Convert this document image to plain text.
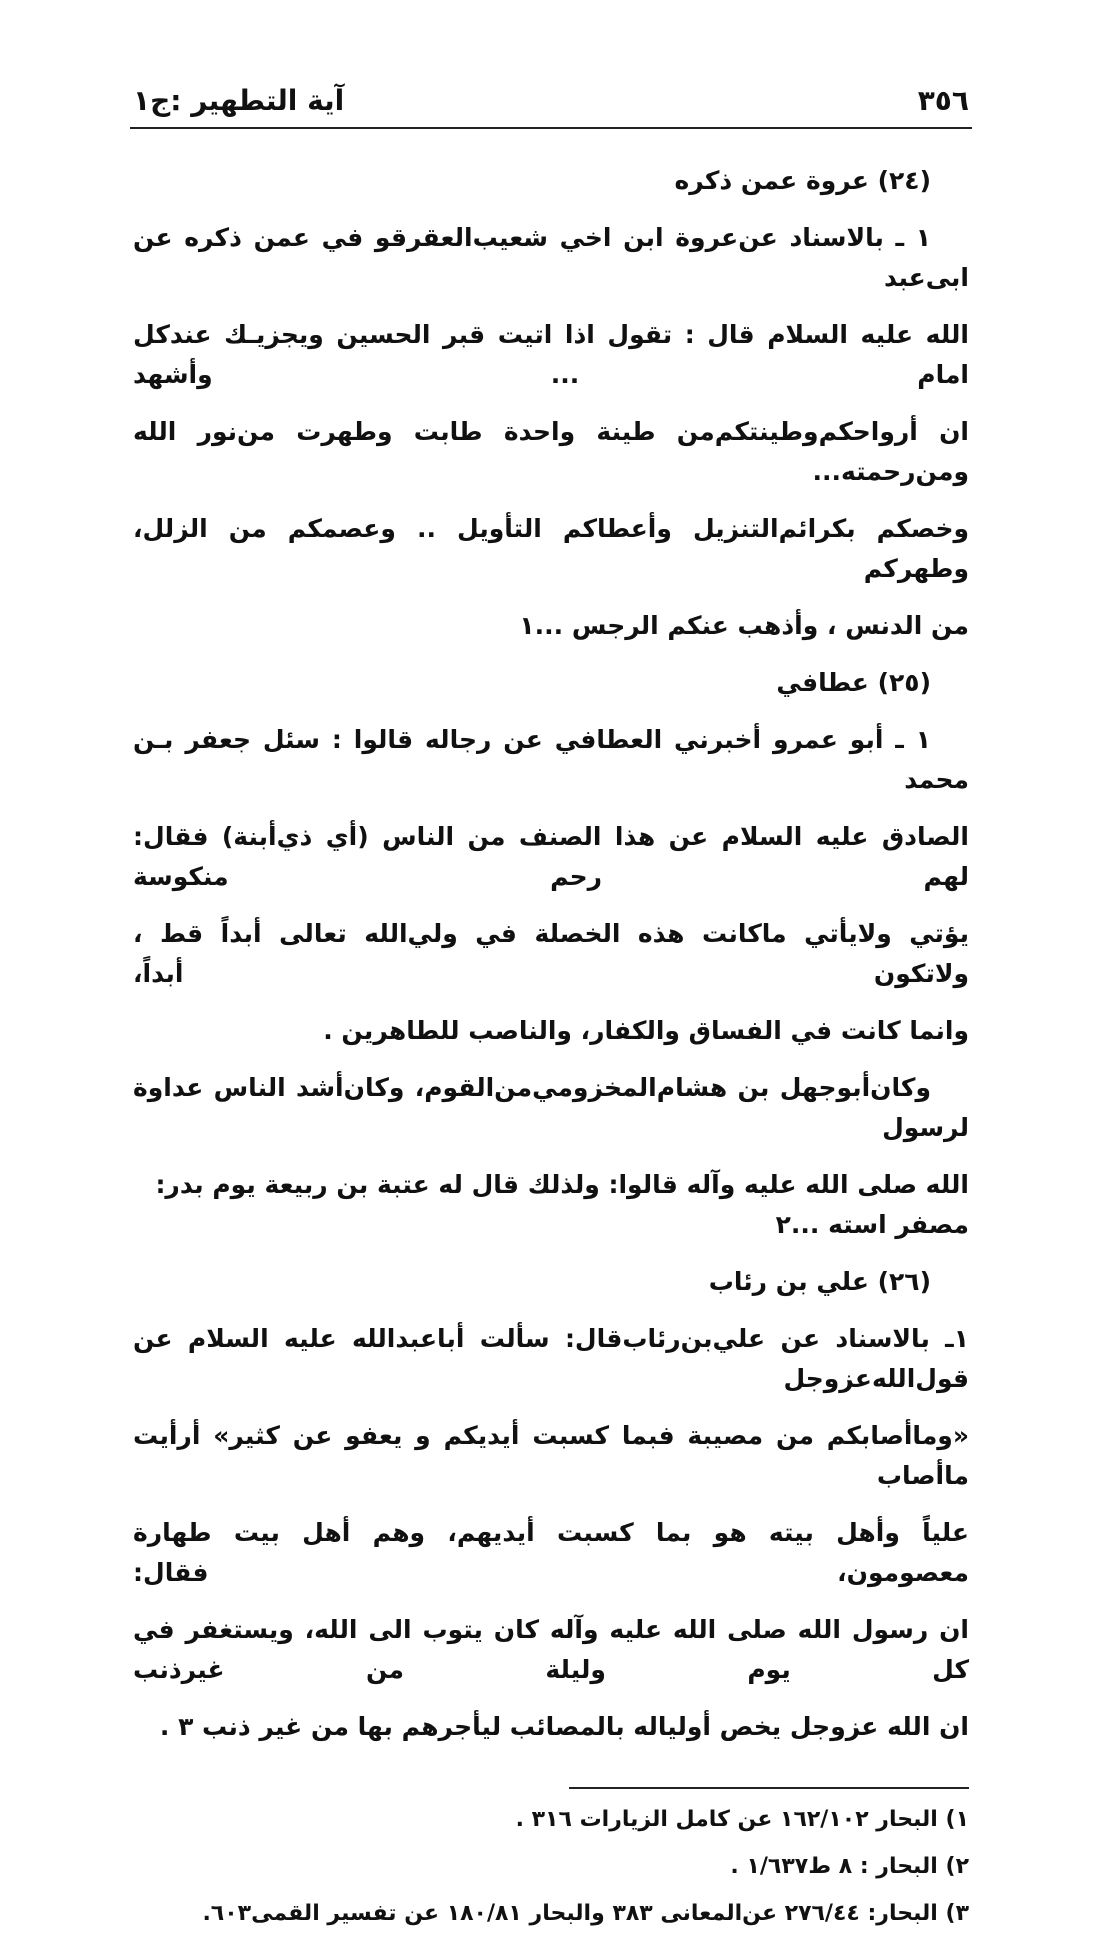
آية التطهير :ج١	٣٥٦
(٢٤) عروة عمن ذكره
١ ـ بالاسناد عن‌عروة ابن اخي شعيب‌العقرقو في عمن ذكره عن ابى‌عبد
الله عليه السلام قال : تقول اذا اتيت قبر الحسين ويجزيـك عندكل امام ... وأشهد
ان أرواحكم‌وطينتكم‌من طينة واحدة طابت وطهرت من‌نور الله ومن‌رحمته...
وخصكم بكرائم‌التنزيل وأعطاكم التأويل .. وعصمكم من الزلل، وطهركم
من الدنس ، وأذهب عنكم الرجس ...١
(٢٥) عطافي
١ ـ أبو عمرو أخبرني العطافي عن رجاله قالوا : سئل جعفر بـن محمد
الصادق عليه السلام عن هذا الصنف من الناس (أي ذي‌أبنة) فقال: لهم رحم منكوسة
يؤتي ولايأتي ماكانت هذه الخصلة في ولي‌الله تعالى أبداً قط ، ولاتكون أبداً،
وانما كانت في الفساق والكفار، والناصب للطاهرين .
وكان‌أبوجهل بن هشام‌المخزومي‌من‌القوم، وكان‌أشد الناس عداوة لرسول
الله صلى الله عليه وآله قالوا: ولذلك قال له عتبة بن ربيعة يوم بدر: مصفر استه ...٢
(٢٦) علي بن رئاب
١ـ بالاسناد عن علي‌بن‌رئاب‌قال: سألت أباعبدالله عليه السلام عن قول‌الله‌عزوجل
«وماأصابكم من مصيبة فبما كسبت أيديكم و يعفو عن كثير» أرأيت ماأصاب
علياً وأهل بيته هو بما كسبت أيديهم، وهم أهل بيت طهارة معصومون، فقال:
ان رسول الله صلى الله عليه وآله كان يتوب الى الله، ويستغفر في كل يوم وليلة من غيرذنب
ان الله عزوجل يخص أولياله بالمصائب ليأجرهم بها من غير ذنب ٣ .
١) البحار ١٦٢/١٠٢ عن كامل الزيارات ٣١٦ .
٢) البحار : ٨ ط١/٦٣٧ .
٣) البحار: ٢٧٦/٤٤ عن‌المعانى ٣٨٣ والبحار ١٨٠/٨١ عن تفسير القمى٦٠٣.
